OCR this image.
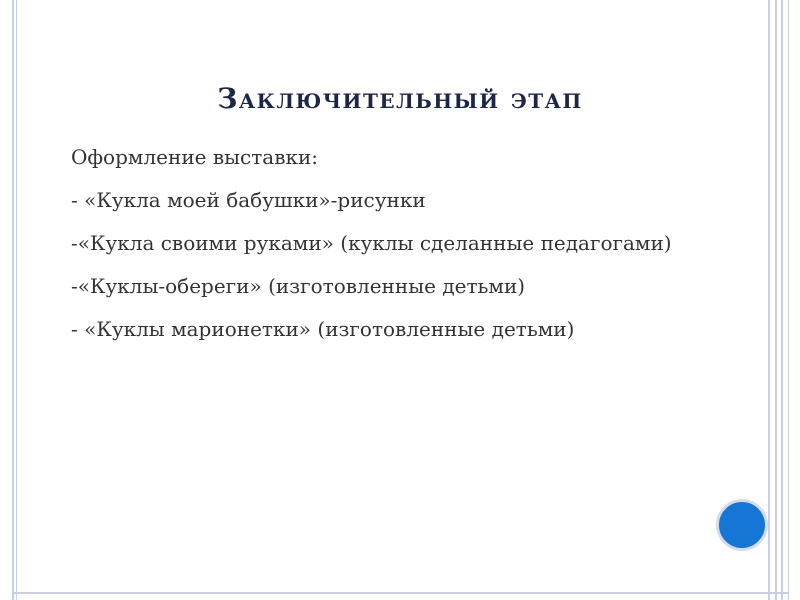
Заключительный этап
Оформление выставки:
- «Кукла моей бабушки»-рисунки
-«Кукла своими руками» (куклы сделанные педагогами)
-«Куклы-обереги» (изготовленные детьми)
- «Куклы марионетки» (изготовленные детьми)
